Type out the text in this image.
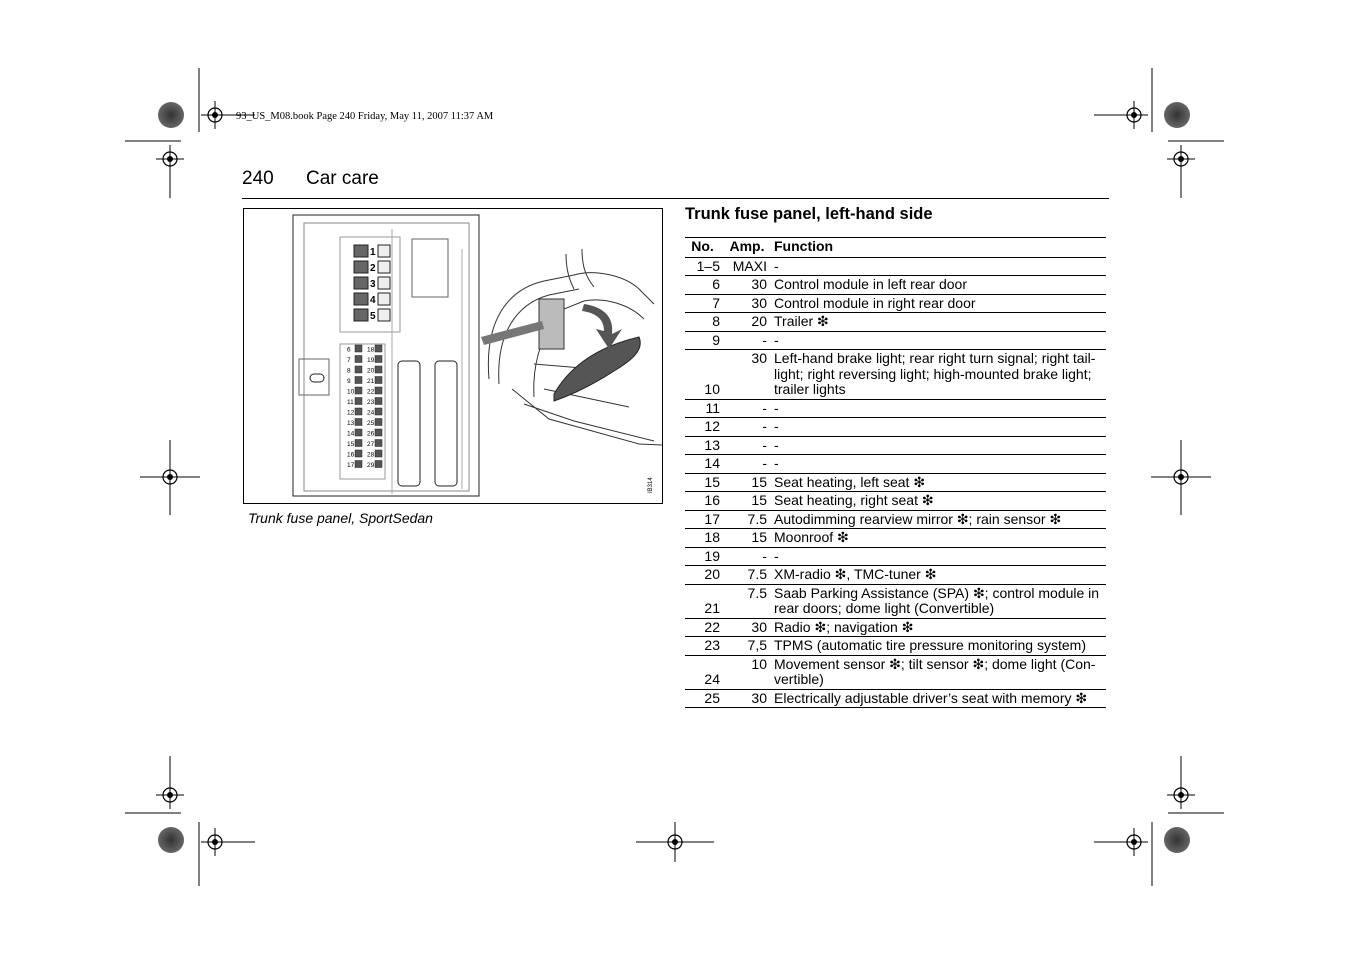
93_US_M08.book Page 240 Friday, May 11, 2007 11:37 AM
240 Car care
1
2
3
4
5
6	18
7	19
8	20
9	21
10 22
11 23
12 24
13 25
14 26
15 27
16 28
17 29
IB314
Trunk fuse panel, SportSedan
Trunk fuse panel, left-hand side
No.	Amp.	Function
1–5	MAXI	-
6	30	Control module in left rear door
7	30	Control module in right rear door
8	20	Trailer ❇
9	-	-
10	30	Left-hand brake light; rear right turn signal; right tail-light; right reversing light; high-mounted brake light; trailer lights
11	-	-
12	-	-
13	-	-
14	-	-
15	15	Seat heating, left seat ❇
16	15	Seat heating, right seat ❇
17	7.5	Autodimming rearview mirror ❇; rain sensor ❇
18	15	Moonroof ❇
19	-	-
20	7.5	XM-radio ❇, TMC-tuner ❇
21	7.5	Saab Parking Assistance (SPA) ❇; control module in rear doors; dome light (Convertible)
22	30	Radio ❇; navigation ❇
23	7,5	TPMS (automatic tire pressure monitoring system)
24	10	Movement sensor ❇; tilt sensor ❇; dome light (Con-vertible)
25	30	Electrically adjustable driver’s seat with memory ❇
